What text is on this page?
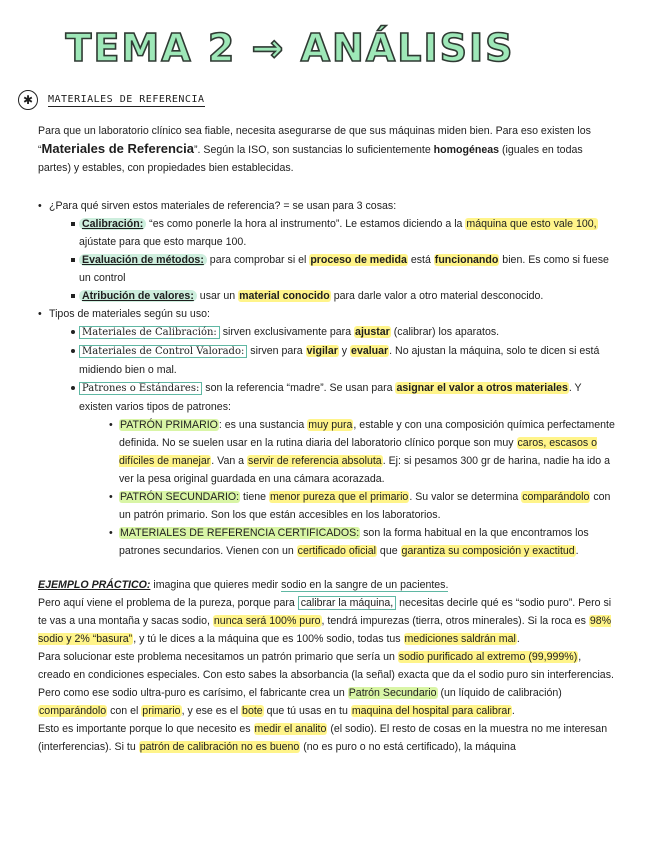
TEMA 2 → ANÁLISIS
✱	MATERIALES DE REFERENCIA

Para que un laboratorio clínico sea fiable, necesita asegurarse de que sus máquinas miden bien. Para eso existen los “Materiales de Referencia”. Según la ISO, son sustancias lo suficientemente homogéneas (iguales en todas partes) y estables, con propiedades bien establecidas.

• ¿Para qué sirven estos materiales de referencia? = se usan para 3 cosas:
Calibración: “es como ponerle la hora al instrumento”. Le estamos diciendo a la máquina que esto vale 100, ajústate para que esto marque 100.
Evaluación de métodos: para comprobar si el proceso de medida está funcionando bien. Es como si fuese un control
Atribución de valores: usar un material conocido para darle valor a otro material desconocido.
• Tipos de materiales según su uso:
Materiales de Calibración: sirven exclusivamente para ajustar (calibrar) los aparatos.
Materiales de Control Valorado: sirven para vigilar y evaluar. No ajustan la máquina, solo te dicen si está midiendo bien o mal.
Patrones o Estándares: son la referencia “madre”. Se usan para asignar el valor a otros materiales. Y existen varios tipos de patrones:
• PATRÓN PRIMARIO: es una sustancia muy pura, estable y con una composición química perfectamente definida. No se suelen usar en la rutina diaria del laboratorio clínico porque son muy caros, escasos o difíciles de manejar. Van a servir de referencia absoluta. Ej: si pesamos 300 gr de harina, nadie ha ido a ver la pesa original guardada en una cámara acorazada.
• PATRÓN SECUNDARIO: tiene menor pureza que el primario. Su valor se determina comparándolo con un patrón primario. Son los que están accesibles en los laboratorios.
• MATERIALES DE REFERENCIA CERTIFICADOS: son la forma habitual en la que encontramos los patrones secundarios. Vienen con un certificado oficial que garantiza su composición y exactitud.

EJEMPLO PRÁCTICO: imagina que quieres medir sodio en la sangre de un pacientes.

Pero aquí viene el problema de la pureza, porque para calibrar la máquina, necesitas decirle qué es “sodio puro”. Pero si te vas a una montaña y sacas sodio, nunca será 100% puro, tendrá impurezas (tierra, otros minerales). Si la roca es 98% sodio y 2% “basura”, y tú le dices a la máquina que es 100% sodio, todas tus mediciones saldrán mal.

Para solucionar este problema necesitamos un patrón primario que sería un sodio purificado al extremo (99,999%), creado en condiciones especiales. Con esto sabes la absorbancia (la señal) exacta que da el sodio puro sin interferencias.

Pero como ese sodio ultra-puro es carísimo, el fabricante crea un Patrón Secundario (un líquido de calibración) comparándolo con el primario, y ese es el bote que tú usas en tu maquina del hospital para calibrar.

Esto es importante porque lo que necesito es medir el analito (el sodio). El resto de cosas en la muestra no me interesan (interferencias). Si tu patrón de calibración no es bueno (no es puro o no está certificado), la máquina
